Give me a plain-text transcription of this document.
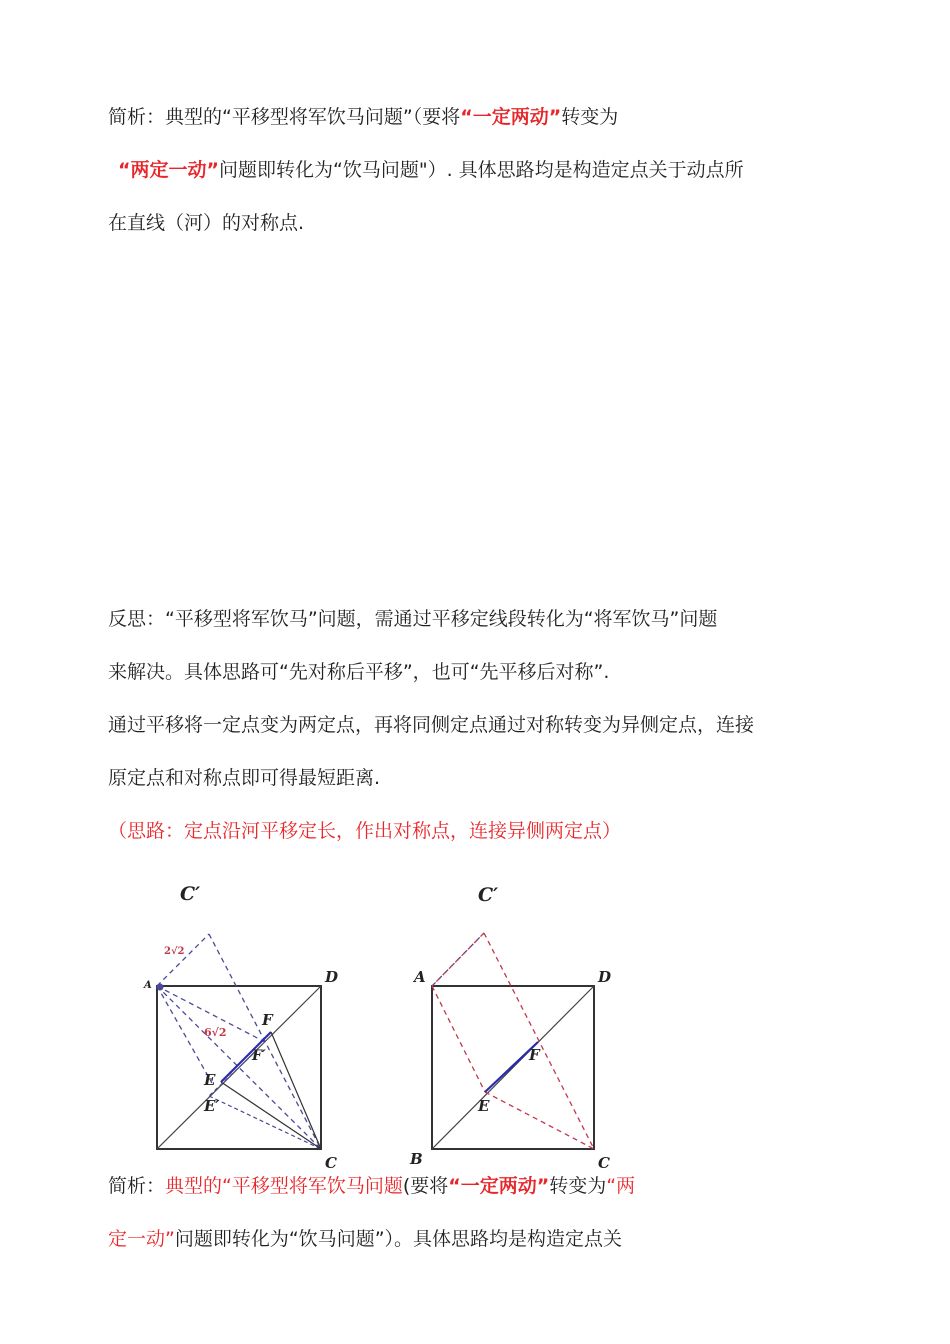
简析：典型的“平移型将军饮马问题”（要将“一定两动”转变为
“两定一动”问题即转化为“饮马问题"）. 具体思路均是构造定点关于动点所
在直线（河）的对称点.
反思：“平移型将军饮马”问题，需通过平移定线段转化为“将军饮马”问题
来解决。具体思路可“先对称后平移”，也可“先平移后对称”.
通过平移将一定点变为两定点，再将同侧定点通过对称转变为异侧定点，连接
原定点和对称点即可得最短距离.
（思路：定点沿河平移定长，作出对称点，连接异侧两定点）
C′
A	D
F
F′
E
E′
C
2√2
6√2
C′
A	D
F
E
B	C
简析：典型的“平移型将军饮马问题(要将“一定两动”转变为“两
定一动”问题即转化为“饮马问题”）。具体思路均是构造定点关
